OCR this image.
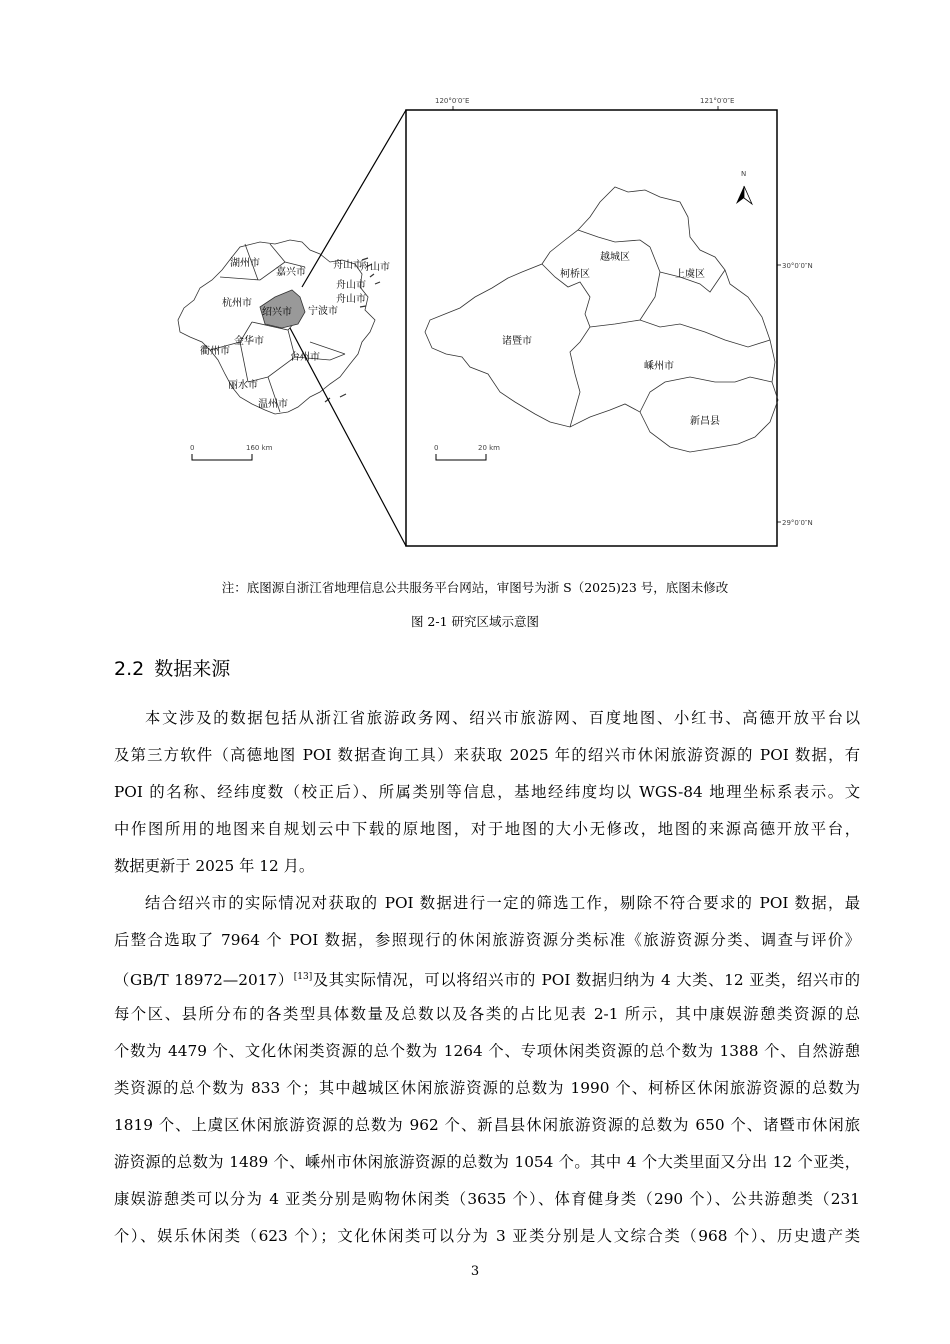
湖州市
嘉兴市
杭州市
绍兴市 宁波市
舟山市
舟山市
舟山市
舟山市
衢州市
金华市
台州市
丽水市
温州市
0	160 km
120°0′0″E	121°0′0″E
30°0′0″N
29°0′0″N
N
越城区
柯桥区	上虞区
诸暨市
嵊州市
新昌县
0	20 km
注：底图源自浙江省地理信息公共服务平台网站，审图号为浙 S（2025)23 号，底图未修改
图 2-1 研究区域示意图
2.2 数据来源
本文涉及的数据包括从浙江省旅游政务网、绍兴市旅游网、百度地图、小红书、高德开放平台以
及第三方软件（高德地图 POI 数据查询工具）来获取 2025 年的绍兴市休闲旅游资源的 POI 数据，有
POI 的名称、经纬度数（校正后）、所属类别等信息，基地经纬度均以 WGS-84 地理坐标系表示。文
中作图所用的地图来自规划云中下载的原地图，对于地图的大小无修改，地图的来源高德开放平台，
数据更新于 2025 年 12 月。
结合绍兴市的实际情况对获取的 POI 数据进行一定的筛选工作，剔除不符合要求的 POI 数据，最
后整合选取了 7964 个 POI 数据，参照现行的休闲旅游资源分类标准《旅游资源分类、调查与评价》
（GB/T 18972—2017）[13]及其实际情况，可以将绍兴市的 POI 数据归纳为 4 大类、12 亚类，绍兴市的
每个区、县所分布的各类型具体数量及总数以及各类的占比见表 2-1 所示，其中康娱游憩类资源的总
个数为 4479 个、文化休闲类资源的总个数为 1264 个、专项休闲类资源的总个数为 1388 个、自然游憩
类资源的总个数为 833 个；其中越城区休闲旅游资源的总数为 1990 个、柯桥区休闲旅游资源的总数为
1819 个、上虞区休闲旅游资源的总数为 962 个、新昌县休闲旅游资源的总数为 650 个、诸暨市休闲旅
游资源的总数为 1489 个、嵊州市休闲旅游资源的总数为 1054 个。其中 4 个大类里面又分出 12 个亚类，
康娱游憩类可以分为 4 亚类分别是购物休闲类（3635 个）、体育健身类（290 个）、公共游憩类（231
个）、娱乐休闲类（623 个）；文化休闲类可以分为 3 亚类分别是人文综合类（968 个）、历史遗产类
3
